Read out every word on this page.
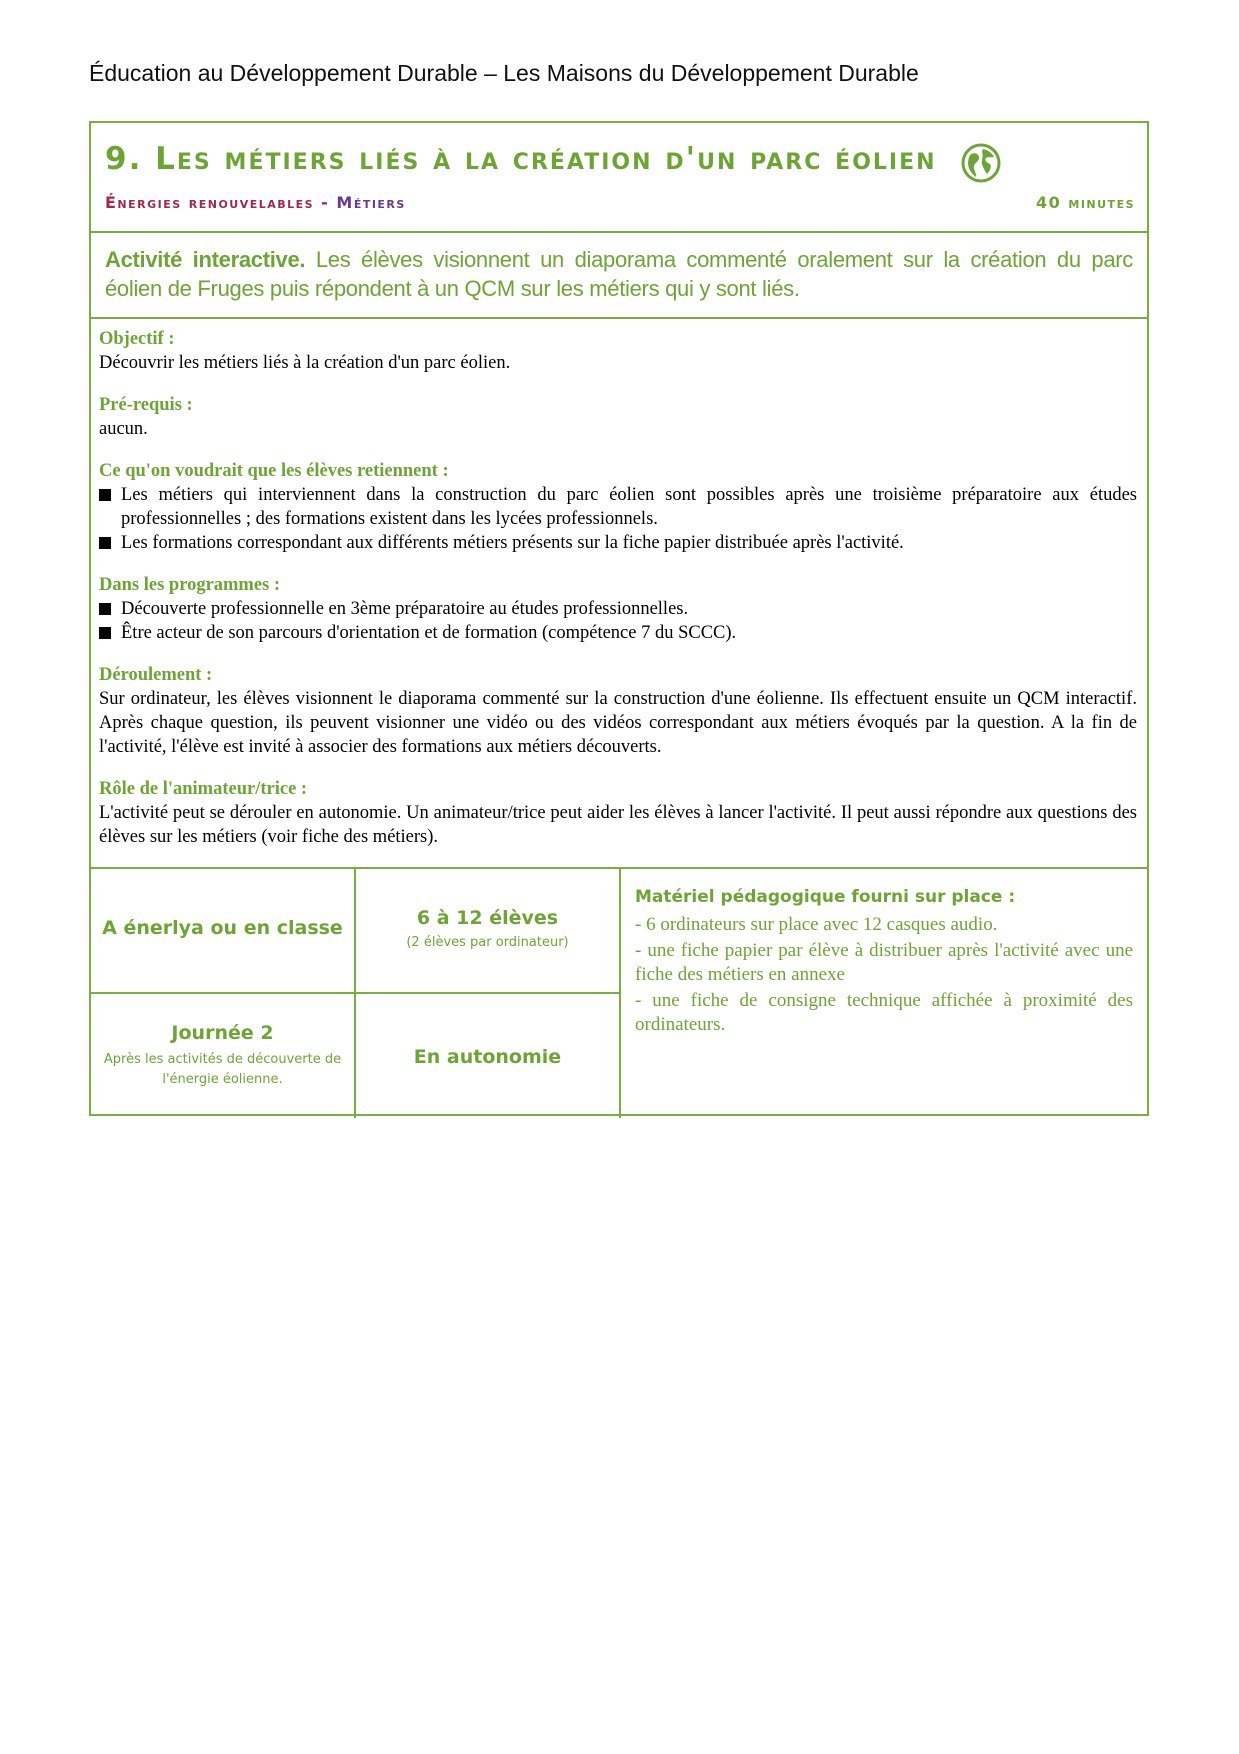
Éducation au Développement Durable – Les Maisons du Développement Durable
9. Les métiers liés à la création d'un parc éolien
Énergies renouvelables - Métiers	40 minutes
Activité interactive. Les élèves visionnent un diaporama commenté oralement sur la création du parc éolien de Fruges puis répondent à un QCM sur les métiers qui y sont liés.
Objectif :

Découvrir les métiers liés à la création d'un parc éolien.

Pré-requis :

aucun.

Ce qu'on voudrait que les élèves retiennent :
Les métiers qui interviennent dans la construction du parc éolien sont possibles après une troisième préparatoire aux études professionnelles ; des formations existent dans les lycées professionnels.
Les formations correspondant aux différents métiers présents sur la fiche papier distribuée après l'activité.
Dans les programmes :
Découverte professionnelle en 3ème préparatoire au études professionnelles.
Être acteur de son parcours d'orientation et de formation (compétence 7 du SCCC).
Déroulement :

Sur ordinateur, les élèves visionnent le diaporama commenté sur la construction d'une éolienne. Ils effectuent ensuite un QCM interactif. Après chaque question, ils peuvent visionner une vidéo ou des vidéos correspondant aux métiers évoqués par la question. A la fin de l'activité, l'élève est invité à associer des formations aux métiers découverts.

Rôle de l'animateur/trice :

L'activité peut se dérouler en autonomie. Un animateur/trice peut aider les élèves à lancer l'activité. Il peut aussi répondre aux questions des élèves sur les métiers (voir fiche des métiers).

A énerlya ou en classe	6 à 12 élèves
(2 élèves par ordinateur)
Journée 2
Après les activités de découverte de l'énergie éolienne.
En autonomie
Matériel pédagogique fourni sur place :
- 6 ordinateurs sur place avec 12 casques audio.
- une fiche papier par élève à distribuer après l'activité avec une fiche des métiers en annexe
- une fiche de consigne technique affichée à proximité des ordinateurs.
